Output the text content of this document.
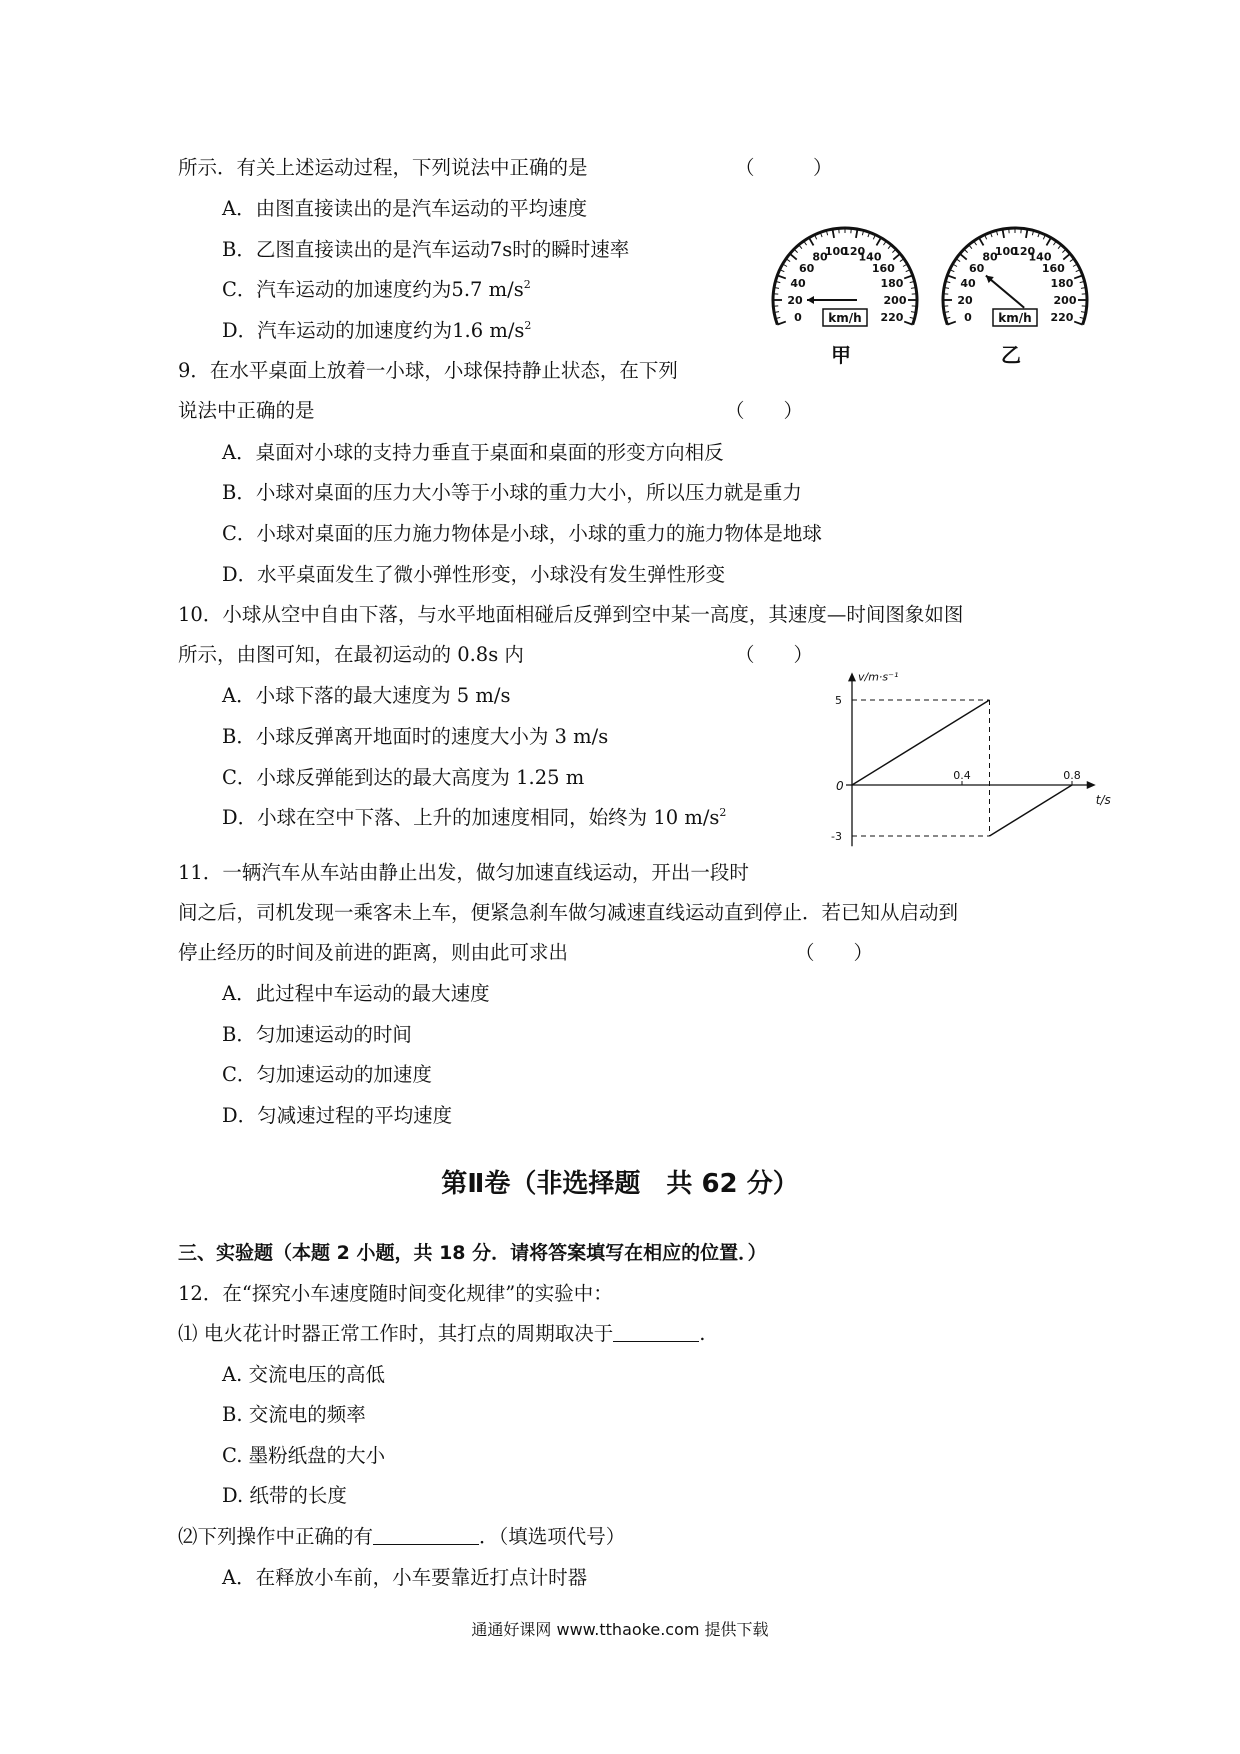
所示．有关上述运动过程，下列说法中正确的是	（　　　）
A．由图直接读出的是汽车运动的平均速度
B．乙图直接读出的是汽车运动7s时的瞬时速率
C．汽车运动的加速度约为5.7 $m/s^2$
D．汽车运动的加速度约为1.6 $m/s^2$
0
20
40
60
80
100
120
140
160
180
200
220
km/h
甲
0
20
40
60
80
100
120
140
160
180
200
220
km/h
乙
9．在水平桌面上放着一小球，小球保持静止状态，在下列
说法中正确的是	（　　）
A．桌面对小球的支持力垂直于桌面和桌面的形变方向相反
B．小球对桌面的压力大小等于小球的重力大小，所以压力就是重力
C．小球对桌面的压力施力物体是小球，小球的重力的施力物体是地球
D．水平桌面发生了微小弹性形变，小球没有发生弹性形变
10．小球从空中自由下落，与水平地面相碰后反弹到空中某一高度，其速度—时间图象如图
所示，由图可知，在最初运动的 0.8s 内	（　　）
A．小球下落的最大速度为 5 m/s
B．小球反弹离开地面时的速度大小为 3 m/s
C．小球反弹能到达的最大高度为 1.25 m
D．小球在空中下落、上升的加速度相同，始终为 10 $m/s^2$
v/m·s⁻¹
t/s
0
5
-3
0.4	0.8
11．一辆汽车从车站由静止出发，做匀加速直线运动，开出一段时
间之后，司机发现一乘客未上车，便紧急刹车做匀减速直线运动直到停止．若已知从启动到
停止经历的时间及前进的距离，则由此可求出	（　　）
A．此过程中车运动的最大速度
B．匀加速运动的时间
C．匀加速运动的加速度
D．匀减速过程的平均速度
第Ⅱ卷（非选择题　共 62 分）
三、实验题（本题 2 小题，共 18 分．请将答案填写在相应的位置．）
12．在“探究小车速度随时间变化规律”的实验中：
⑴ 电火花计时器正常工作时，其打点的周期取决于	.
A. 交流电压的高低
B. 交流电的频率
C. 墨粉纸盘的大小
D. 纸带的长度
⑵下列操作中正确的有	．（填选项代号）
A．在释放小车前，小车要靠近打点计时器
通通好课网 www.tthaoke.com 提供下载
